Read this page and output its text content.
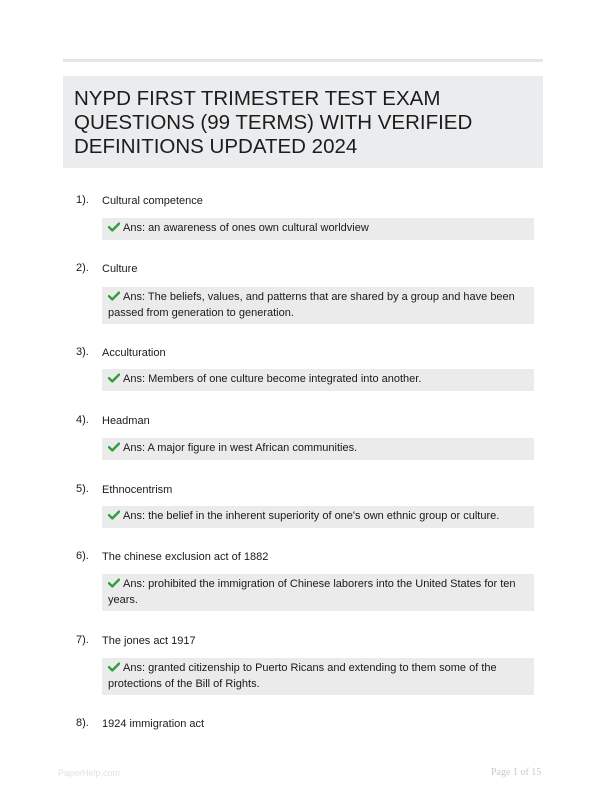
NYPD FIRST TRIMESTER TEST EXAM QUESTIONS (99 TERMS) WITH VERIFIED DEFINITIONS UPDATED 2024
1). Cultural competence
Ans: an awareness of ones own cultural worldview
2). Culture
Ans: The beliefs, values, and patterns that are shared by a group and have been passed from generation to generation.
3). Acculturation
Ans: Members of one culture become integrated into another.
4). Headman
Ans: A major figure in west African communities.
5). Ethnocentrism
Ans: the belief in the inherent superiority of one's own ethnic group or culture.
6). The chinese exclusion act of 1882
Ans: prohibited the immigration of Chinese laborers into the United States for ten years.
7). The jones act 1917
Ans: granted citizenship to Puerto Ricans and extending to them some of the protections of the Bill of Rights.
8). 1924 immigration act
PaperHelp.com	Page 1 of 15
